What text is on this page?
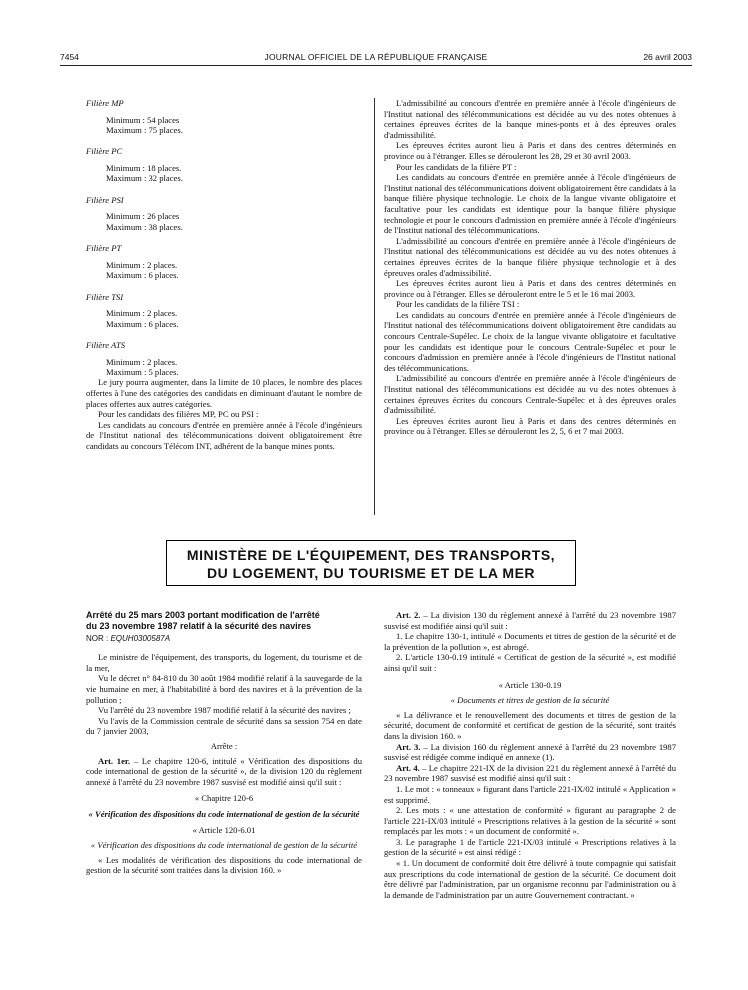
7454	JOURNAL OFFICIEL DE LA RÉPUBLIQUE FRANÇAISE	26 avril 2003

Filière MP

Minimum : 54 places

Maximum : 75 places.

Filière PC

Minimum : 18 places.

Maximum : 32 places.

Filière PSI

Minimum : 26 places

Maximum : 38 places.

Filière PT

Minimum : 2 places.

Maximum : 6 places.

Filière TSI

Minimum : 2 places.

Maximum : 6 places.

Filière ATS

Minimum : 2 places.

Maximum : 5 places.

Le jury pourra augmenter, dans la limite de 10 places, le nombre des places offertes à l'une des catégories des candidats en diminuant d'autant le nombre de places offertes aux autres catégories.

Pour les candidats des filières MP, PC ou PSI :

Les candidats au concours d'entrée en première année à l'école d'ingénieurs de l'Institut national des télécommunications doivent obligatoirement être candidats au concours Télécom INT, adhérent de la banque mines ponts.

L'admissibilité au concours d'entrée en première année à l'école d'ingénieurs de l'Institut national des télécommunications est décidée au vu des notes obtenues à certaines épreuves écrites de la banque mines-ponts et à des épreuves orales d'admissibilité.

Les épreuves écrites auront lieu à Paris et dans des centres déterminés en province ou à l'étranger. Elles se dérouleront les 28, 29 et 30 avril 2003.

Pour les candidats de la filière PT :

Les candidats au concours d'entrée en première année à l'école d'ingénieurs de l'Institut national des télécommunications doivent obligatoirement être candidats à la banque filière physique technologie. Le choix de la langue vivante obligatoire et facultative pour les candidats est identique pour la banque filière physique technologie et pour le concours d'admission en première année à l'école d'ingénieurs de l'Institut national des télécommunications.

L'admissibilité au concours d'entrée en première année à l'école d'ingénieurs de l'Institut national des télécommunications est décidée au vu des notes obtenues à certaines épreuves écrites de la banque filière physique technologie et à des épreuves orales d'admissibilité.

Les épreuves écrites auront lieu à Paris et dans des centres déterminés en province ou à l'étranger. Elles se dérouleront entre le 5 et le 16 mai 2003.

Pour les candidats de la filière TSI :

Les candidats au concours d'entrée en première année à l'école d'ingénieurs de l'Institut national des télécommunications doivent obligatoirement être candidats au concours Centrale-Supélec. Le choix de la langue vivante obligatoire et facultative pour les candidats est identique pour le concours Centrale-Supélec et pour le concours d'admission en première année à l'école d'ingénieurs de l'Institut national des télécommunications.

L'admissibilité au concours d'entrée en première année à l'école d'ingénieurs de l'Institut national des télécommunications est décidée au vu des notes obtenues à certaines épreuves écrites du concours Centrale-Supélec et à des épreuves orales d'admissibilité.

Les épreuves écrites auront lieu à Paris et dans des centres déterminés en province ou à l'étranger. Elles se dérouleront les 2, 5, 6 et 7 mai 2003.

MINISTÈRE DE L'ÉQUIPEMENT, DES TRANSPORTS,
DU LOGEMENT, DU TOURISME ET DE LA MER

Arrêté du 25 mars 2003 portant modification de l'arrêté

du 23 novembre 1987 relatif à la sécurité des navires

NOR : EQUH0300587A

Le ministre de l'équipement, des transports, du logement, du tourisme et de la mer,

Vu le décret n° 84-810 du 30 août 1984 modifié relatif à la sauvegarde de la vie humaine en mer, à l'habitabilité à bord des navires et à la prévention de la pollution ;

Vu l'arrêté du 23 novembre 1987 modifié relatif à la sécurité des navires ;

Vu l'avis de la Commission centrale de sécurité dans sa session 754 en date du 7 janvier 2003,

Arrête :

Art. 1er. – Le chapitre 120-6, intitulé « Vérification des dispositions du code international de gestion de la sécurité », de la division 120 du règlement annexé à l'arrêté du 23 novembre 1987 susvisé est modifié ainsi qu'il suit :

« Chapitre 120-6

« Vérification des dispositions du code international de gestion de la sécurité

« Article 120-6.01

« Vérification des dispositions du code international de gestion de la sécurité

« Les modalités de vérification des dispositions du code international de gestion de la sécurité sont traitées dans la division 160. »

Art. 2. – La division 130 du règlement annexé à l'arrêté du 23 novembre 1987 susvisé est modifiée ainsi qu'il suit :

1. Le chapitre 130-1, intitulé « Documents et titres de gestion de la sécurité et de la prévention de la pollution », est abrogé.

2. L'article 130-0.19 intitulé « Certificat de gestion de la sécurité », est modifié ainsi qu'il suit :

« Article 130-0.19

« Documents et titres de gestion de la sécurité

« La délivrance et le renouvellement des documents et titres de gestion de la sécurité, document de conformité et certificat de gestion de la sécurité, sont traités dans la division 160. »

Art. 3. – La division 160 du règlement annexé à l'arrêté du 23 novembre 1987 susvisé est rédigée comme indiqué en annexe (1).

Art. 4. – Le chapitre 221-IX de la division 221 du règlement annexé à l'arrêté du 23 novembre 1987 susvisé est modifié ainsi qu'il suit :

1. Le mot : « tonneaux » figurant dans l'article 221-IX/02 intitulé « Application » est supprimé.

2. Les mots : « une attestation de conformité » figurant au paragraphe 2 de l'article 221-IX/03 intitulé « Prescriptions relatives à la gestion de la sécurité » sont remplacés par les mots : « un document de conformité ».

3. Le paragraphe 1 de l'article 221-IX/03 intitulé « Prescriptions relatives à la gestion de la sécurité » est ainsi rédigé :

« 1. Un document de conformité doit être délivré à toute compagnie qui satisfait aux prescriptions du code international de gestion de la sécurité. Ce document doit être délivré par l'administration, par un organisme reconnu par l'administration ou à la demande de l'administration par un autre Gouvernement contractant. »
